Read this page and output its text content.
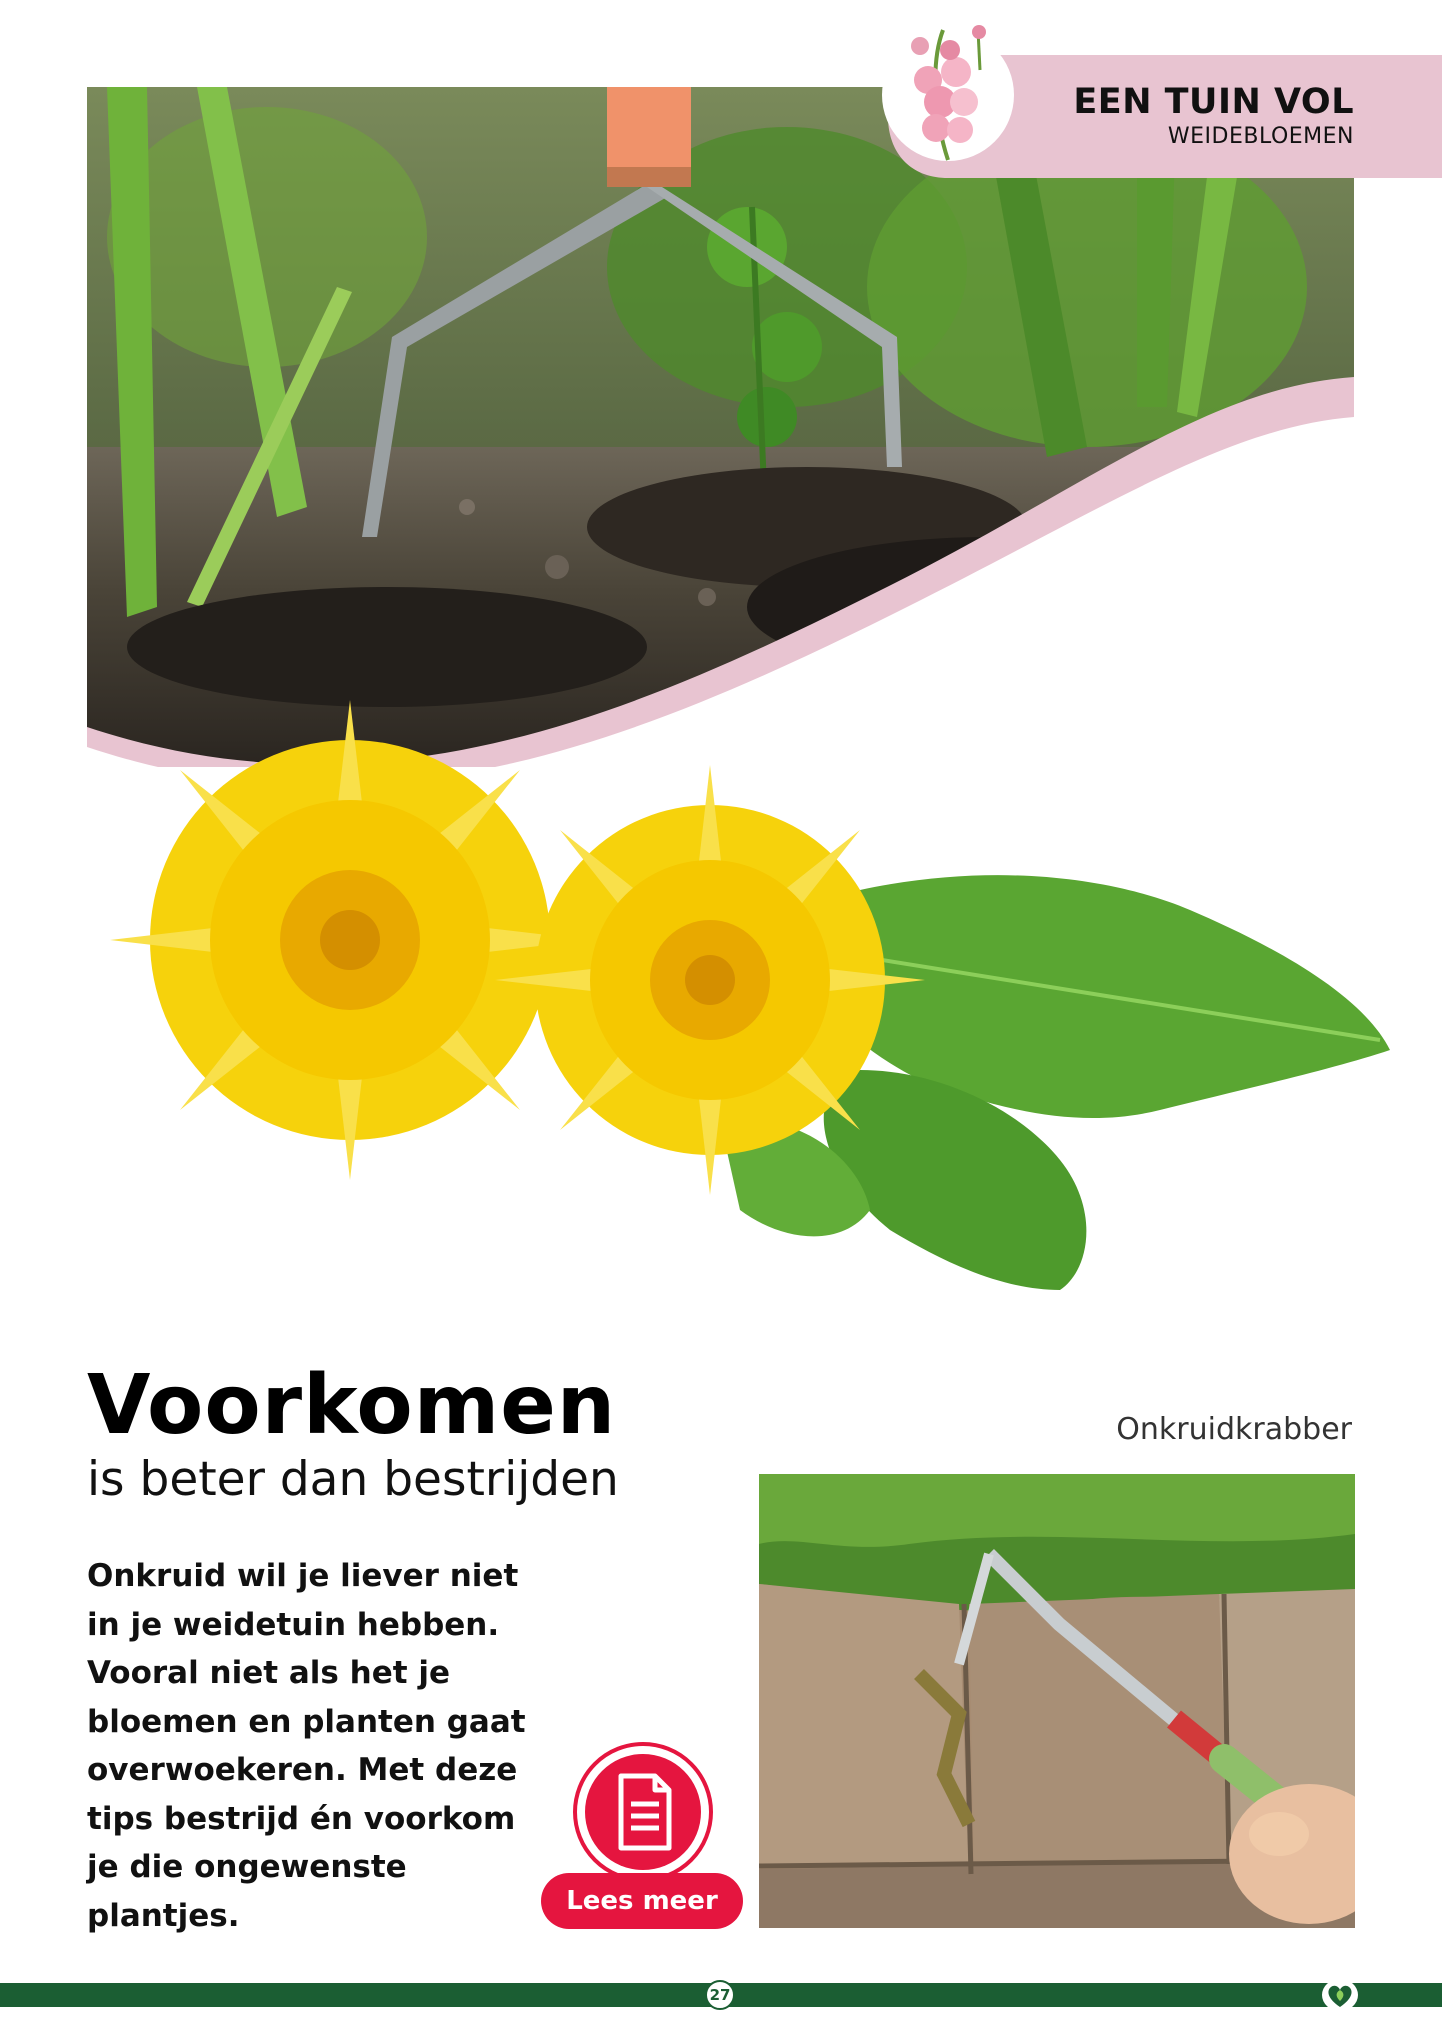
EEN TUIN VOL
WEIDEBLOEMEN
Voorkomen
is beter dan bestrijden
Onkruid wil je liever niet in je weidetuin hebben. Vooral niet als het je bloemen en planten gaat overwoekeren. Met deze tips bestrijd én voorkom je die ongewenste plantjes.	Lees meer
Onkruidkrabber
27
